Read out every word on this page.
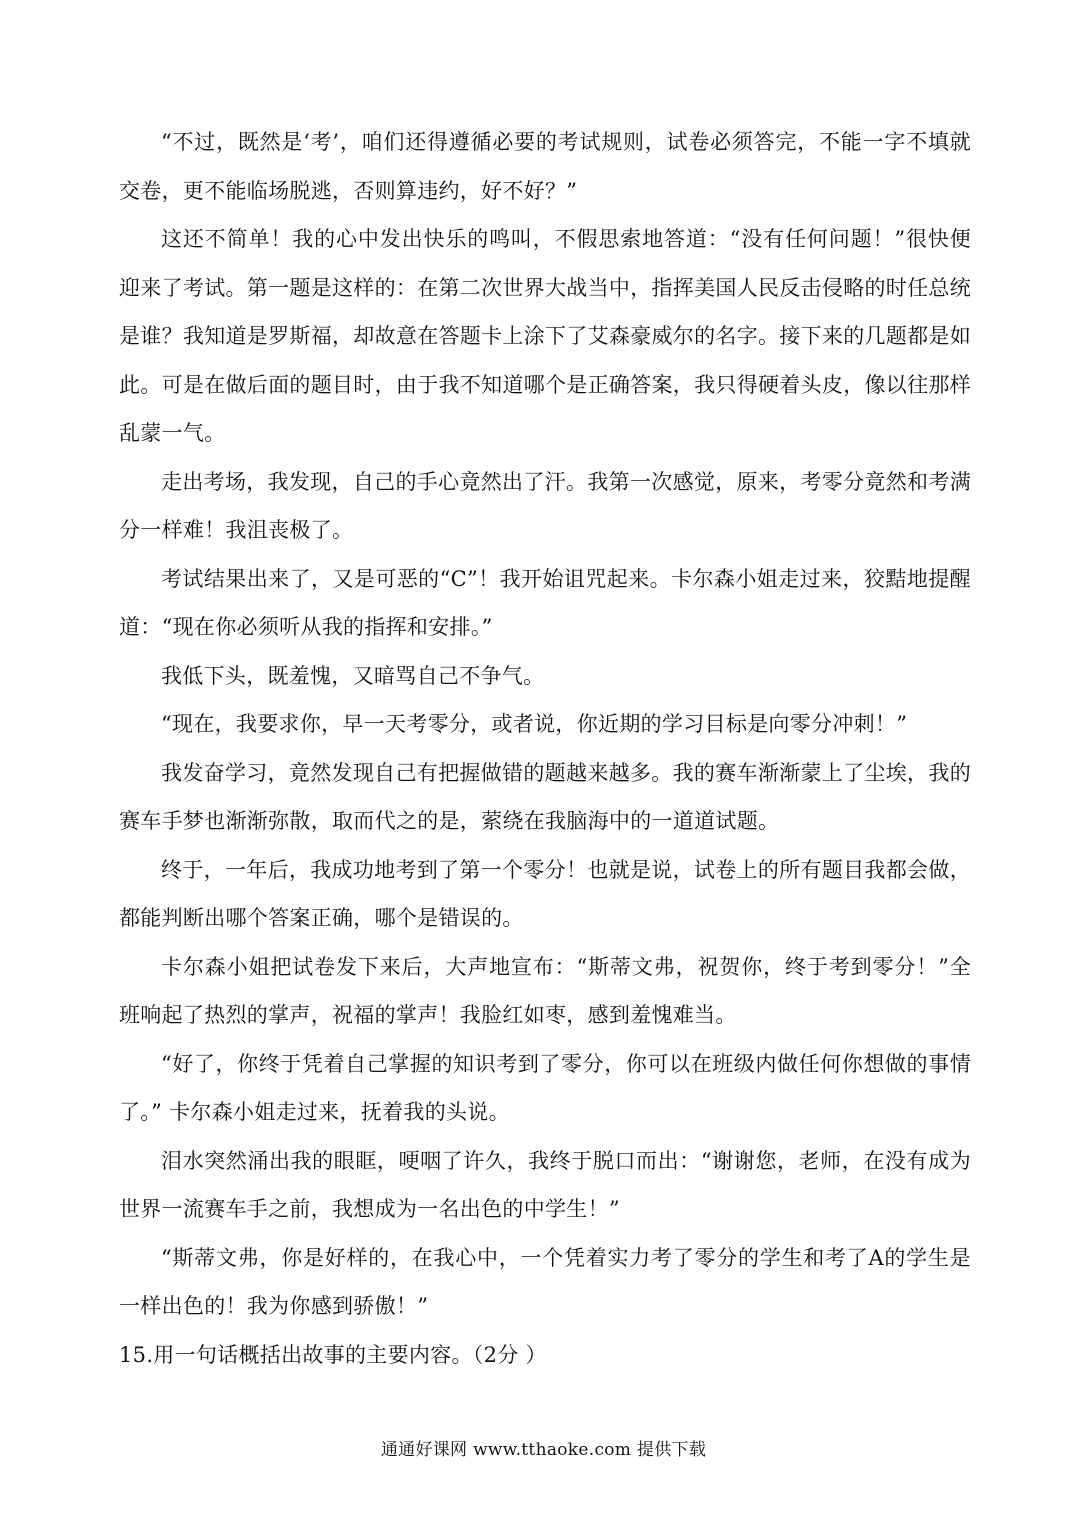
“不过，既然是‘考’，咱们还得遵循必要的考试规则，试卷必须答完，不能一字不填就交卷，更不能临场脱逃，否则算违约，好不好？”

这还不简单！我的心中发出快乐的鸣叫，不假思索地答道：“没有任何问题！”很快便迎来了考试。第一题是这样的：在第二次世界大战当中，指挥美国人民反击侵略的时任总统是谁？我知道是罗斯福，却故意在答题卡上涂下了艾森豪威尔的名字。接下来的几题都是如此。可是在做后面的题目时，由于我不知道哪个是正确答案，我只得硬着头皮，像以往那样乱蒙一气。

走出考场，我发现，自己的手心竟然出了汗。我第一次感觉，原来，考零分竟然和考满分一样难！我沮丧极了。

考试结果出来了，又是可恶的“C”！我开始诅咒起来。卡尔森小姐走过来，狡黠地提醒道：“现在你必须听从我的指挥和安排。”

我低下头，既羞愧，又暗骂自己不争气。

“现在，我要求你，早一天考零分，或者说，你近期的学习目标是向零分冲刺！”

我发奋学习，竟然发现自己有把握做错的题越来越多。我的赛车渐渐蒙上了尘埃，我的赛车手梦也渐渐弥散，取而代之的是，萦绕在我脑海中的一道道试题。

终于，一年后，我成功地考到了第一个零分！也就是说，试卷上的所有题目我都会做，都能判断出哪个答案正确，哪个是错误的。

卡尔森小姐把试卷发下来后，大声地宣布：“斯蒂文弗，祝贺你，终于考到零分！”全班响起了热烈的掌声，祝福的掌声！我脸红如枣，感到羞愧难当。

“好了，你终于凭着自己掌握的知识考到了零分，你可以在班级内做任何你想做的事情了。” 卡尔森小姐走过来，抚着我的头说。

泪水突然涌出我的眼眶，哽咽了许久，我终于脱口而出：“谢谢您，老师，在没有成为世界一流赛车手之前，我想成为一名出色的中学生！”

“斯蒂文弗，你是好样的，在我心中，一个凭着实力考了零分的学生和考了A的学生是一样出色的！我为你感到骄傲！”

15.用一句话概括出故事的主要内容。（2分 ）

通通好课网 www.tthaoke.com 提供下载
